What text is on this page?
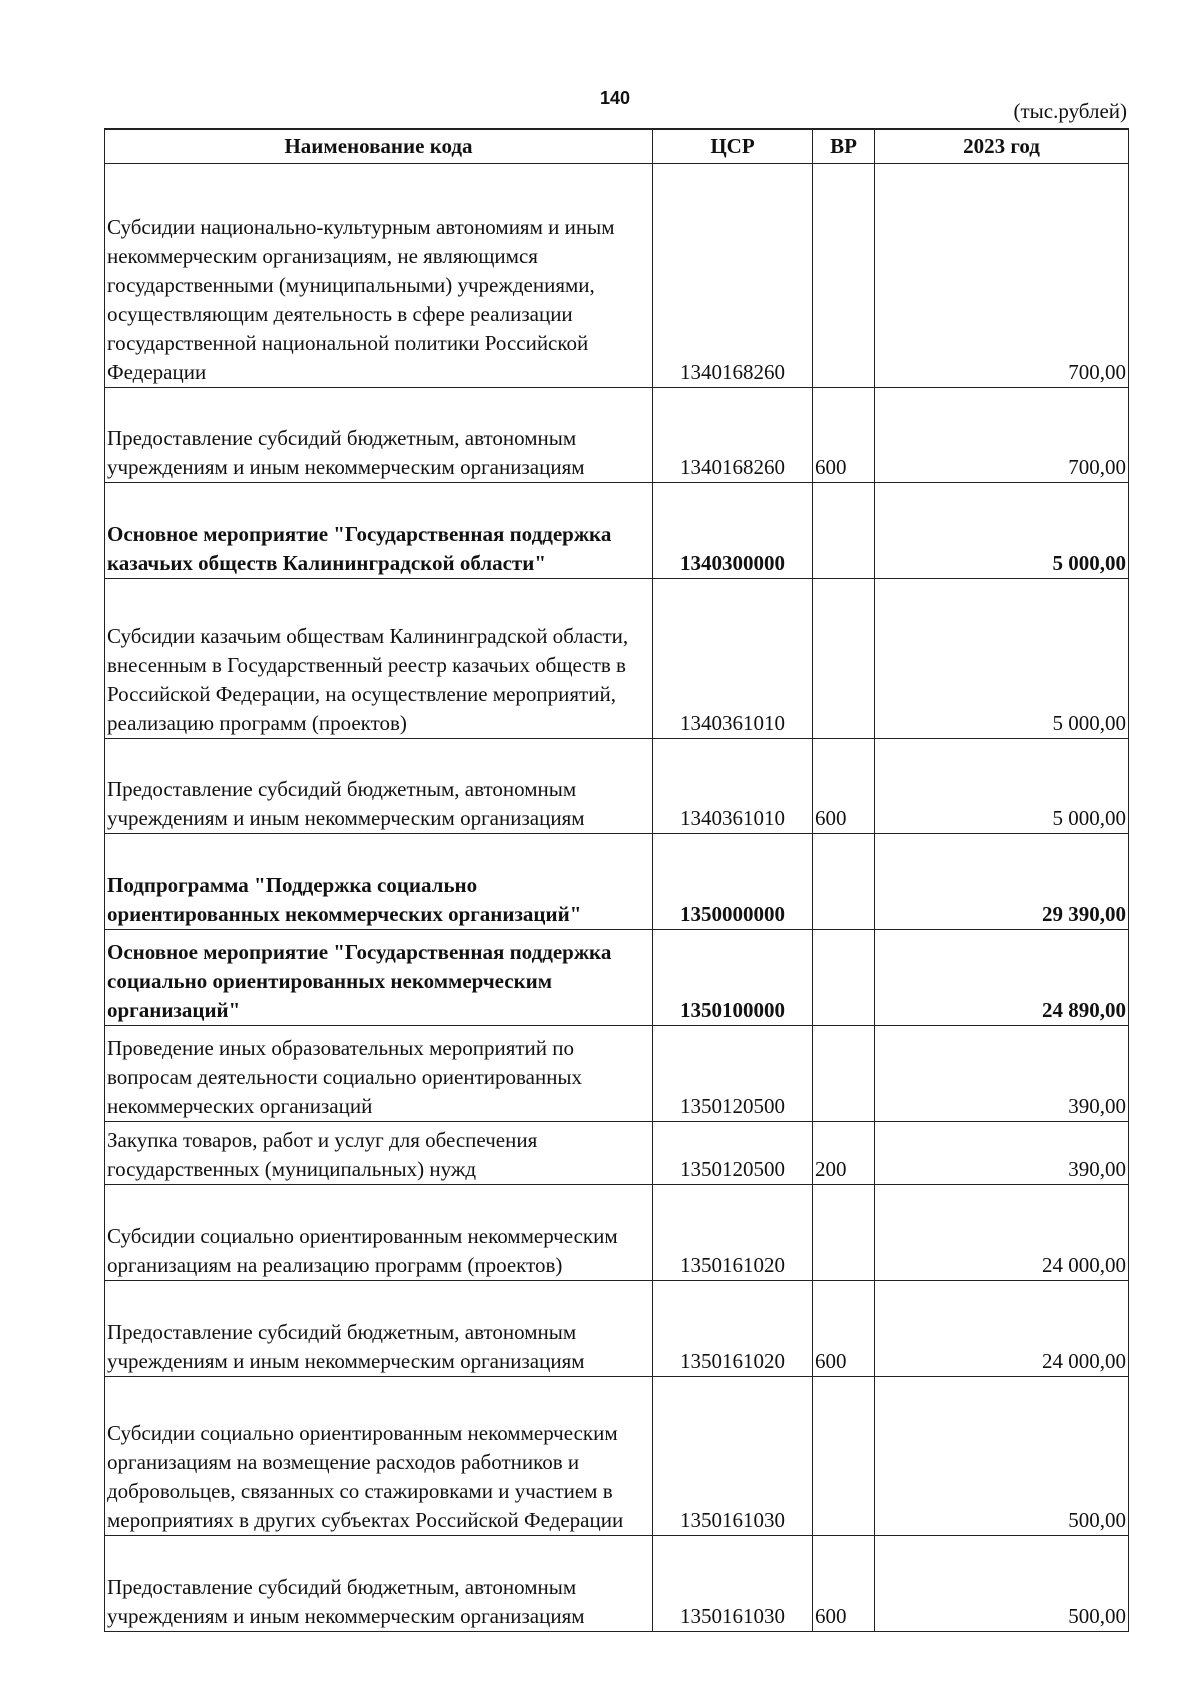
140
(тыс.рублей)
Наименование кода	ЦСР	ВР	2023 год
Субсидии национально-культурным автономиям и иным некоммерческим организациям, не являющимся государственными (муниципальными) учреждениями, осуществляющим деятельность в сфере реализации государственной национальной политики Российской Федерации	1340168260		700,00
Предоставление субсидий бюджетным, автономным учреждениям и иным некоммерческим организациям	1340168260	600	700,00
Основное мероприятие "Государственная поддержка казачьих обществ Калининградской области"	1340300000		5 000,00
Субсидии казачьим обществам Калининградской области, внесенным в Государственный реестр казачьих обществ в Российской Федерации, на осуществление мероприятий, реализацию программ (проектов)	1340361010		5 000,00
Предоставление субсидий бюджетным, автономным учреждениям и иным некоммерческим организациям	1340361010	600	5 000,00
Подпрограмма "Поддержка социально ориентированных некоммерческих организаций"	1350000000		29 390,00
Основное мероприятие "Государственная поддержка социально ориентированных некоммерческим организаций"	1350100000		24 890,00
Проведение иных образовательных мероприятий по вопросам деятельности социально ориентированных некоммерческих организаций	1350120500		390,00
Закупка товаров, работ и услуг для обеспечения государственных (муниципальных) нужд	1350120500	200	390,00
Субсидии социально ориентированным некоммерческим организациям на реализацию программ (проектов)	1350161020		24 000,00
Предоставление субсидий бюджетным, автономным учреждениям и иным некоммерческим организациям	1350161020	600	24 000,00
Субсидии социально ориентированным некоммерческим организациям на возмещение расходов работников и добровольцев, связанных со стажировками и участием в мероприятиях в других субъектах Российской Федерации	1350161030		500,00
Предоставление субсидий бюджетным, автономным учреждениям и иным некоммерческим организациям	1350161030	600	500,00
